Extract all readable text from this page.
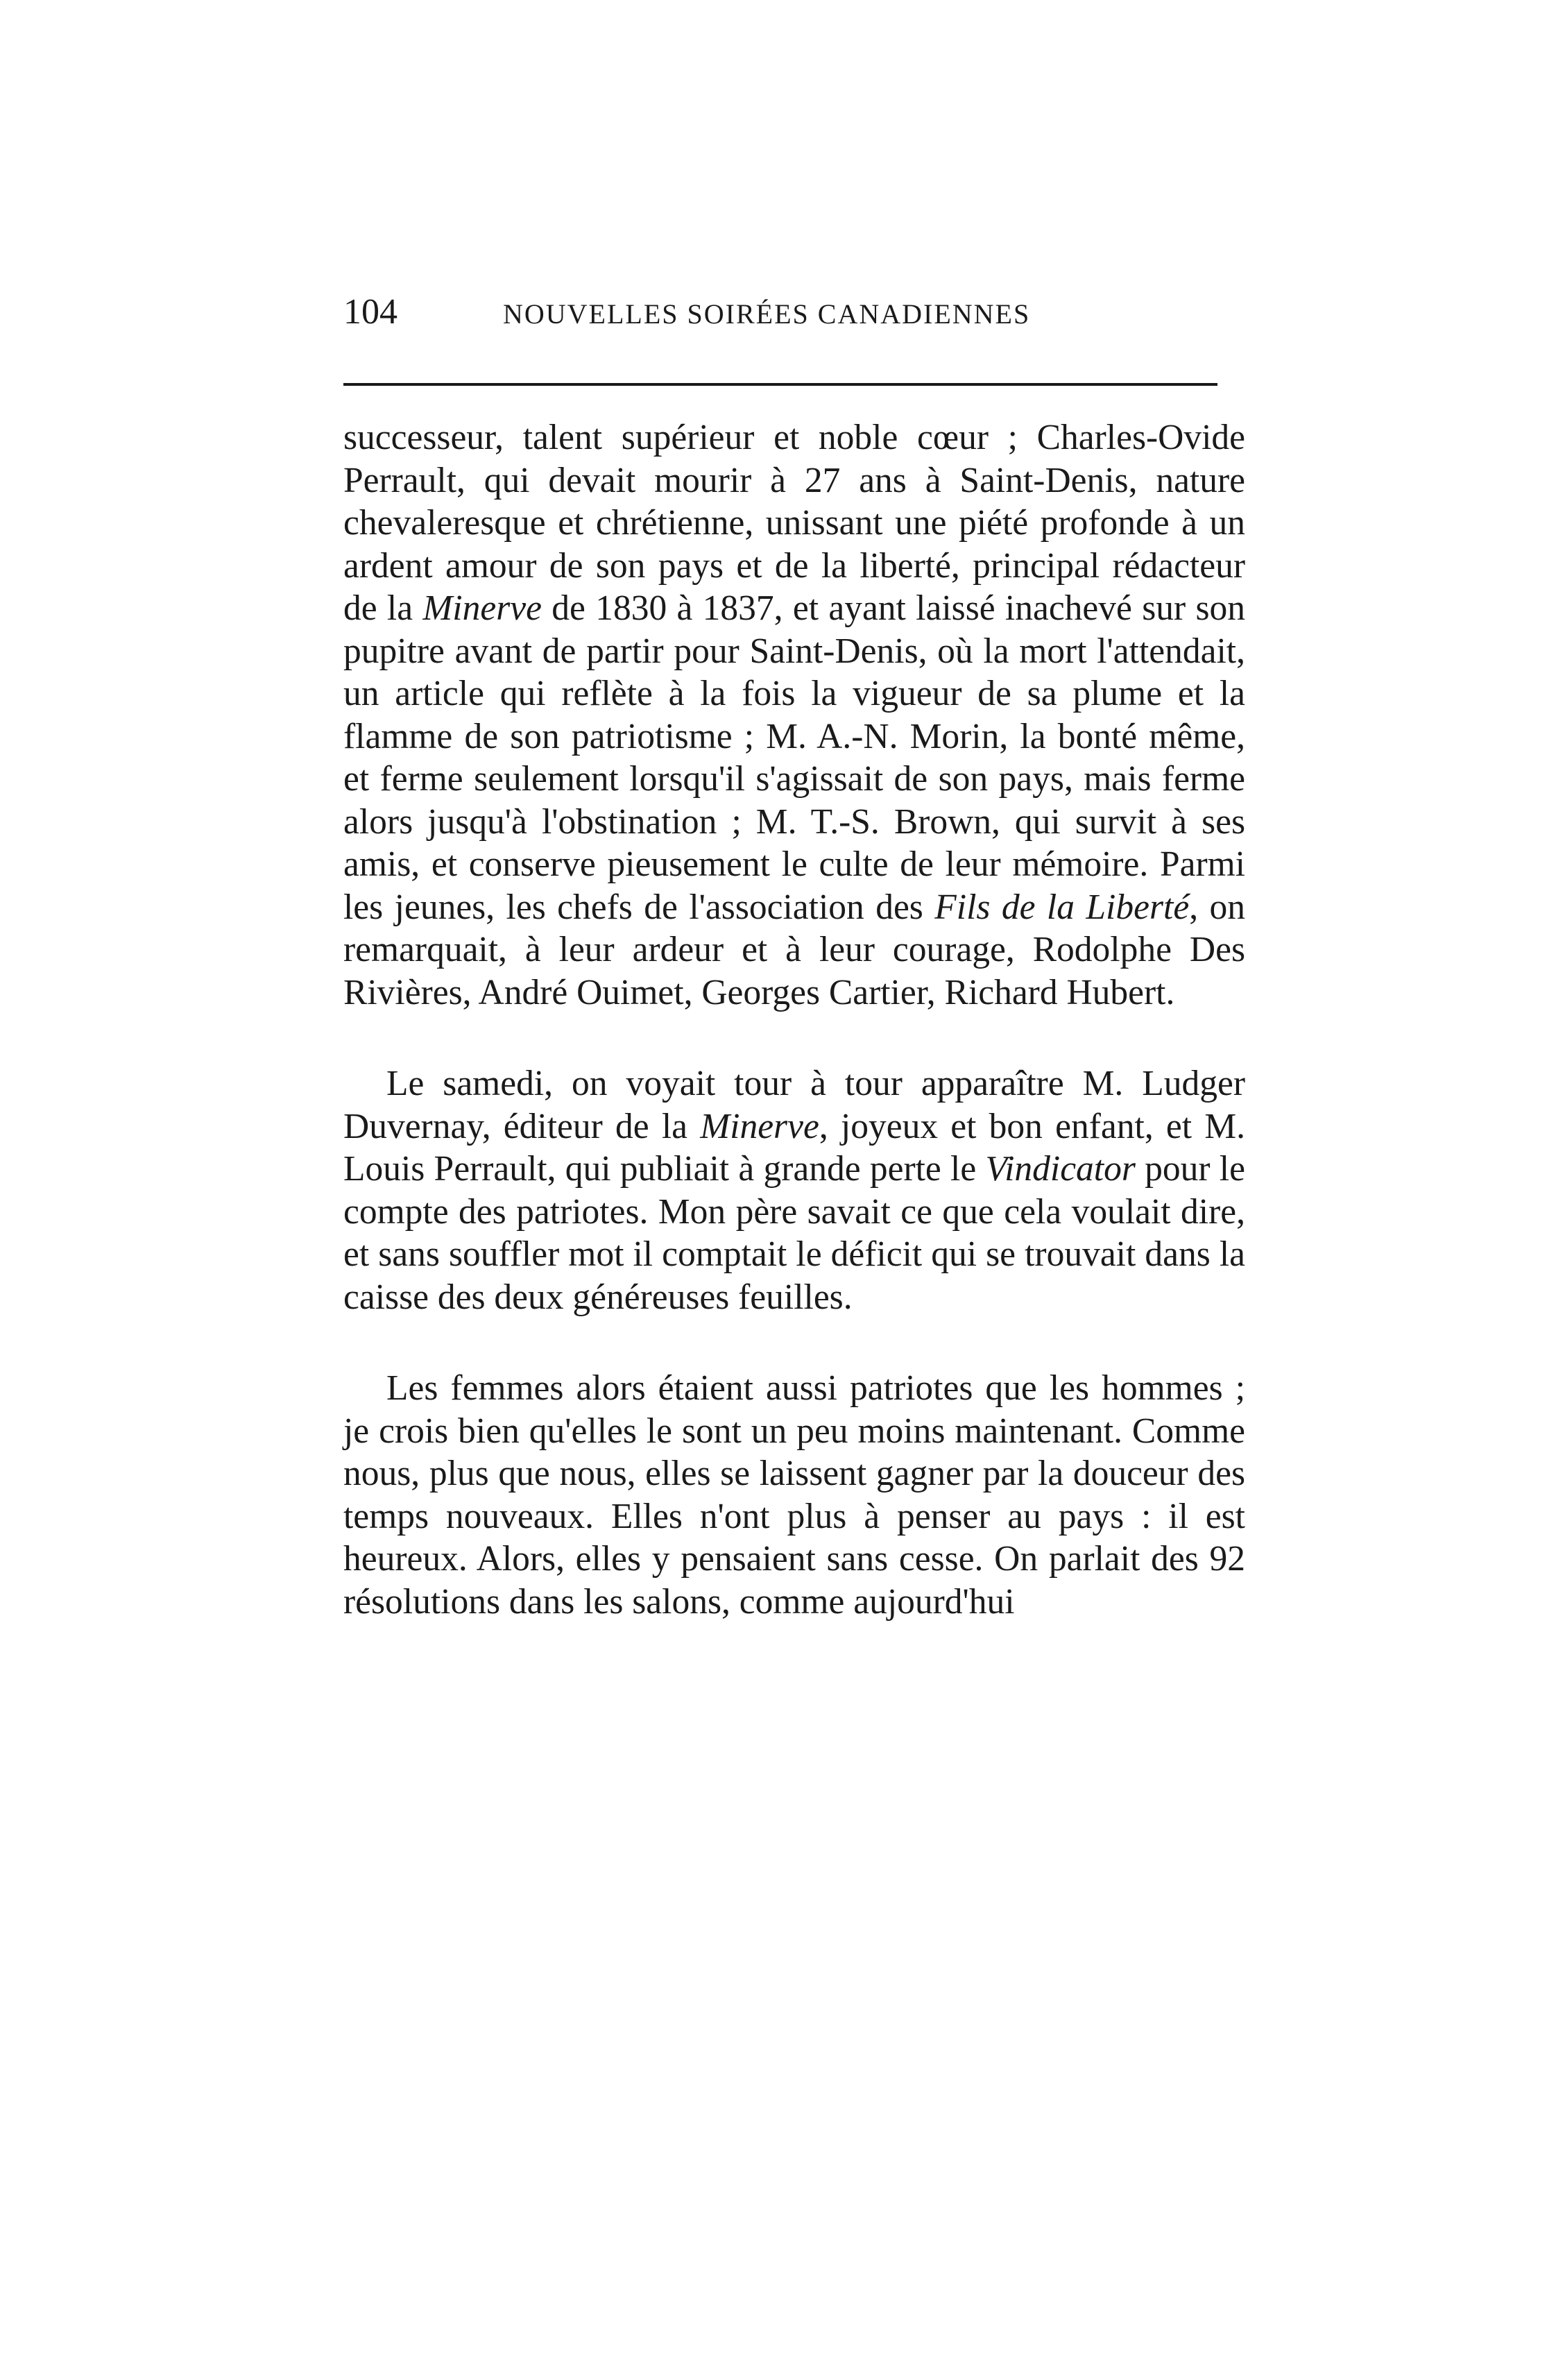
104	NOUVELLES SOIRÉES CANADIENNES

successeur, talent supérieur et noble cœur ; Charles-Ovide Perrault, qui devait mourir à 27 ans à Saint-Denis, nature chevaleresque et chrétienne, unissant une piété profonde à un ardent amour de son pays et de la liberté, principal rédacteur de la Minerve de 1830 à 1837, et ayant laissé inachevé sur son pupitre avant de partir pour Saint-Denis, où la mort l'attendait, un article qui reflète à la fois la vigueur de sa plume et la flamme de son patriotisme ; M. A.-N. Morin, la bonté même, et ferme seulement lorsqu'il s'agissait de son pays, mais ferme alors jusqu'à l'obstination ; M. T.-S. Brown, qui survit à ses amis, et conserve pieusement le culte de leur mémoire. Parmi les jeunes, les chefs de l'association des Fils de la Liberté, on remarquait, à leur ardeur et à leur courage, Rodolphe Des Rivières, André Ouimet, Georges Cartier, Richard Hubert.

Le samedi, on voyait tour à tour apparaître M. Ludger Duvernay, éditeur de la Minerve, joyeux et bon enfant, et M. Louis Perrault, qui publiait à grande perte le Vindicator pour le compte des patriotes. Mon père savait ce que cela voulait dire, et sans souffler mot il comptait le déficit qui se trouvait dans la caisse des deux généreuses feuilles.

Les femmes alors étaient aussi patriotes que les hommes ; je crois bien qu'elles le sont un peu moins maintenant. Comme nous, plus que nous, elles se laissent gagner par la douceur des temps nouveaux. Elles n'ont plus à penser au pays : il est heureux. Alors, elles y pensaient sans cesse. On parlait des 92 résolutions dans les salons, comme aujourd'hui
